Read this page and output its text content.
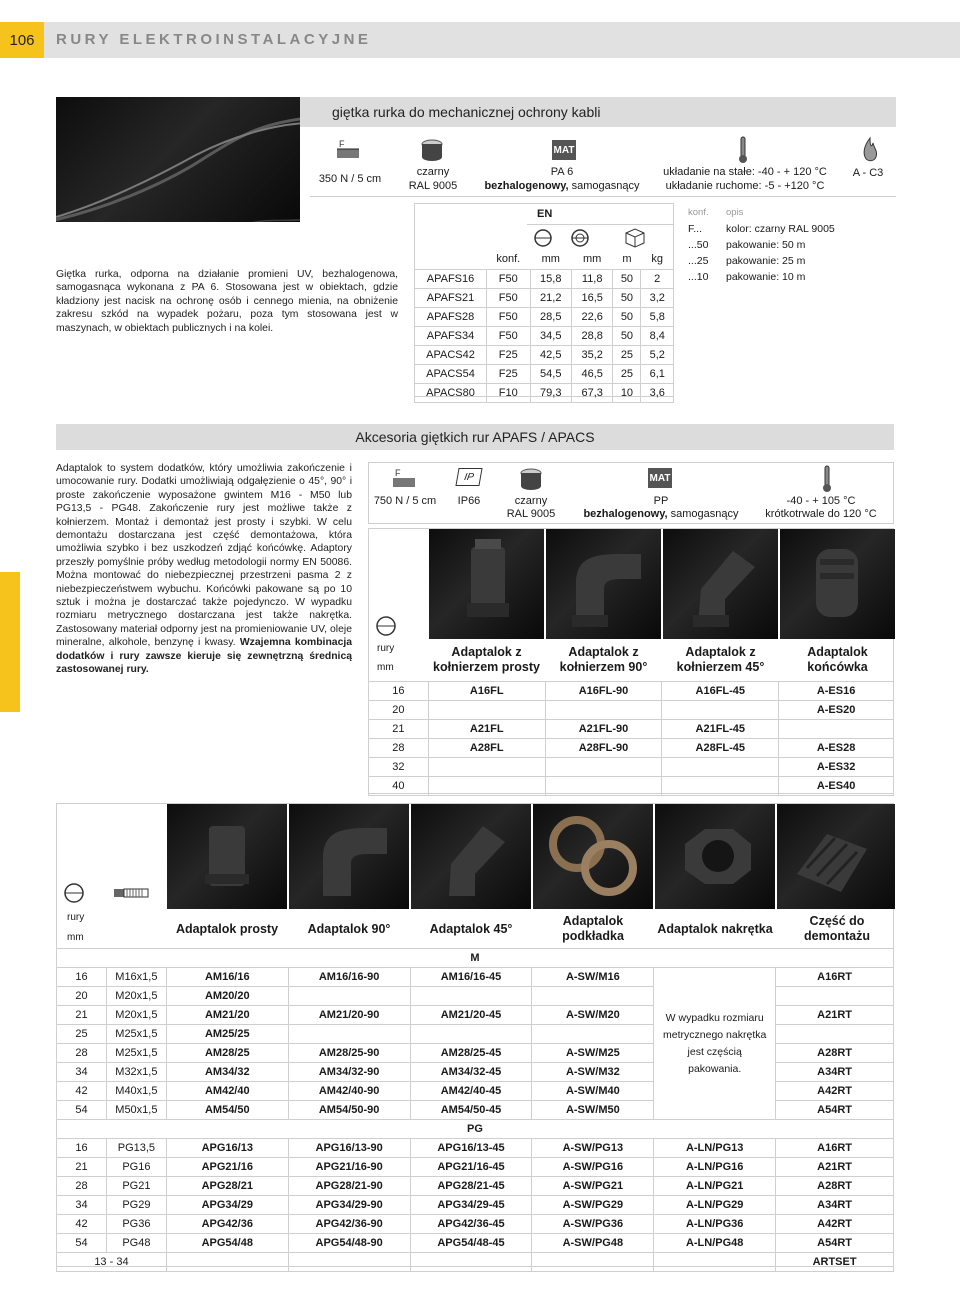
106	RURY ELEKTROINSTALACYJNE
giętka rurka do mechanicznej ochrony kabli
F
MAT
350 N / 5 cm
czarny
RAL 9005
PA 6
bezhalogenowy, samogasnący
układanie na stałe: -40 - + 120 °C
układanie ruchome: -5 - +120 °C
A - C3
Giętka rurka, odporna na działanie promieni UV, bezhalogenowa, samogasnąca wykonana z PA 6. Stosowana jest w obiektach, gdzie kładziony jest nacisk na ochronę osób i cennego mienia, na obniżenie zakresu szkód na wypadek pożaru, poza tym stosowana jest w maszynach, w obiektach publicznych i na kolei.
EN
	konf.	mm	mm	m	kg
APAFS16	F50	15,8	11,8	50	2
APAFS21	F50	21,2	16,5	50	3,2
APAFS28	F50	28,5	22,6	50	5,8
APAFS34	F50	34,5	28,8	50	8,4
APACS42	F25	42,5	35,2	25	5,2
APACS54	F25	54,5	46,5	25	6,1
APACS80	F10	79,3	67,3	10	3,6
konf. opis
F... kolor: czarny RAL 9005
...50 pakowanie: 50 m
...25 pakowanie: 25 m
...10 pakowanie: 10 m
Akcesoria giętkich rur APAFS / APACS
Adaptalok to system dodatków, który umożliwia zakończenie i umocowanie rury. Dodatki umożliwiają odgałęzienie o 45°, 90° i proste zakończenie wyposażone gwintem M16 - M50 lub PG13,5 - PG48. Zakończenie rury jest możliwe także z kołnierzem. Montaż i demontaż jest prosty i szybki. W celu demontażu dostarczana jest część demontażowa, która umożliwia szybko i bez uszkodzeń zdjąć końcówkę. Adaptory przeszły pomyślnie próby według metodologii normy EN 50086. Można montować do niebezpiecznej przestrzeni pasma 2 z niebezpieczeństwem wybuchu. Końcówki pakowane są po 10 sztuk i można je dostarczać także pojedynczo. W wypadku rozmiaru metrycznego dostarczana jest także nakrętka. Zastosowany materiał odporny jest na promieniowanie UV, oleje mineralne, alkohole, benzynę i kwasy. Wzajemna kombinacja dodatków i rury zawsze kieruje się zewnętrzną średnicą zastosowanej rury.
F	IP	MAT
750 N / 5 cm	IP66	czarny
RAL 9005
PP
bezhalogenowy, samogasnący
-40 - + 105 °C
krótkotrwale do 120 °C
rury
mm
Adaptalok z
kołnierzem prosty
Adaptalok z
kołnierzem 90°
Adaptalok z
kołnierzem 45°
Adaptalok
końcówka
16	A16FL	A16FL-90	A16FL-45	A-ES16
20				A-ES20
21	A21FL	A21FL-90	A21FL-45	
28	A28FL	A28FL-90	A28FL-45	A-ES28
32				A-ES32
40				A-ES40
rury
mm
Adaptalok prosty	Adaptalok 90°	Adaptalok 45°
Adaptalok podkładka	Adaptalok nakrętka
Część do demontażu
M							
16	M16x1,5	AM16/16	AM16/16-90	AM16/16-45	A-SW/M16	W wypadku rozmiaru metrycznego nakrętka jest częścią pakowania.	A16RT
20	M20x1,5	AM20/20					
21	M20x1,5	AM21/20	AM21/20-90	AM21/20-45	A-SW/M20		A21RT
25	M25x1,5	AM25/25					
28	M25x1,5	AM28/25	AM28/25-90	AM28/25-45	A-SW/M25		A28RT
34	M32x1,5	AM34/32	AM34/32-90	AM34/32-45	A-SW/M32		A34RT
42	M40x1,5	AM42/40	AM42/40-90	AM42/40-45	A-SW/M40		A42RT
54	M50x1,5	AM54/50	AM54/50-90	AM54/50-45	A-SW/M50		A54RT
PG							
16	PG13,5	APG16/13	APG16/13-90	APG16/13-45	A-SW/PG13	A-LN/PG13	A16RT
21	PG16	APG21/16	APG21/16-90	APG21/16-45	A-SW/PG16	A-LN/PG16	A21RT
28	PG21	APG28/21	APG28/21-90	APG28/21-45	A-SW/PG21	A-LN/PG21	A28RT
34	PG29	APG34/29	APG34/29-90	APG34/29-45	A-SW/PG29	A-LN/PG29	A34RT
42	PG36	APG42/36	APG42/36-90	APG42/36-45	A-SW/PG36	A-LN/PG36	A42RT
54	PG48	APG54/48	APG54/48-90	APG54/48-45	A-SW/PG48	A-LN/PG48	A54RT
13 - 34							ARTSET
